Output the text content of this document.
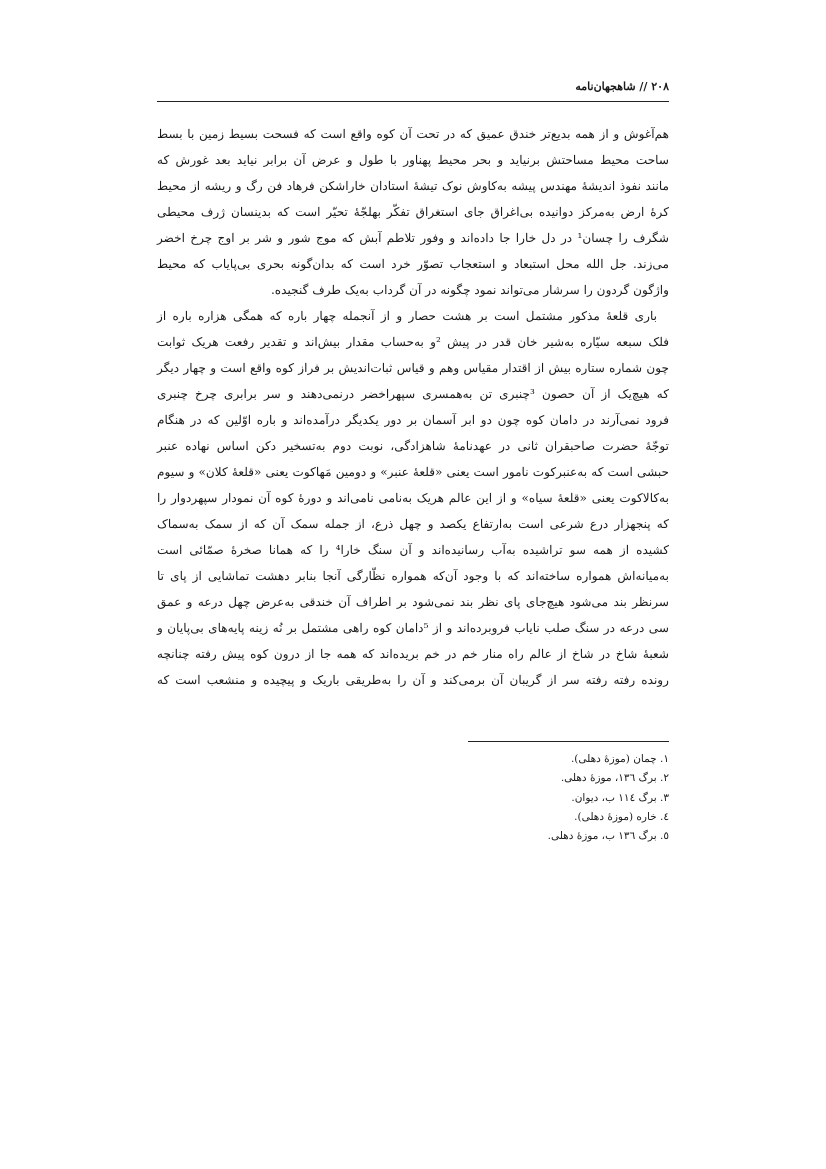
۲۰۸ // شاهجهان‌نامه
هم‌آغوش و از همه بدیع‌تر خندق عمیق که در تحت آن کوه واقع است که فسحت بسیط زمین با بسط
ساحت محیط مساحتش برنیاید و بحر محیط پهناور با طول و عرض آن برابر نیاید بعد غورش که
مانند نفوذ اندیشهٔ مهندس پیشه به‌کاوش نوک تیشهٔ استادان خاراشکن فرهاد فن رگ و ریشه از محیط
کرهٔ ارض به‌مرکز دوانیده بی‌اغراق جای استغراق تفکّر بهلجّهٔ تحیّر است که بدینسان ژرف محیطی
شگرف را چسان¹ در دل خارا جا داده‌اند و وفور تلاطم آبش که موج شور و شر بر اوج چرخ اخضر
می‌زند. جل الله محل استبعاد و استعجاب تصوّر خرد است که بدان‌گونه بحری بی‌پایاب که محیط
واژگون گردون را سرشار می‌تواند نمود چگونه در آن گرداب به‌یک طرف گنجیده.
باری قلعهٔ مذکور مشتمل است بر هشت حصار و از آنجمله چهار باره که همگی هزاره باره از
فلک سبعه سیّاره به‌شیر خان قدر در پیش ²و به‌حساب مقدار بیش‌اند و تقدیر رفعت هریک ثوابت
چون شماره ستاره بیش از اقتدار مقیاس وهم و قیاس ثبات‌اندیش بر فراز کوه واقع است و چهار دیگر
که هیچ‌یک از آن حصون ³چنبری تن به‌همسری سپهراخضر درنمی‌دهند و سر برابری چرخ چنبری
فرود نمی‌آرند در دامان کوه چون دو ابر آسمان بر دور یکدیگر درآمده‌اند و باره اوّلین که در هنگام
توجّهٔ حضرت صاحبقران ثانی در عهدنامهٔ شاهزادگی، نوبت دوم به‌تسخیر دکن اساس نهاده عنبر
حبشی است که به‌عنبرکوت نامور است یعنی «قلعهٔ عنبر» و دومین مَهاکوت یعنی «قلعهٔ کلان» و سیوم
به‌کالاکوت یعنی «قلعهٔ سیاه» و از این عالم هریک به‌نامی نامی‌اند و دورهٔ کوه آن نمودار سپهردوار را
که پنجهزار درع شرعی است به‌ارتفاع یکصد و چهل ذرع، از جمله سمک آن که از سمک به‌سماک
کشیده از همه سو تراشیده به‌آب رسانیده‌اند و آن سنگ خارا⁴ را که همانا صخرهٔ صمّائی است
به‌میانه‌اش همواره ساخته‌اند که با وجود آن‌که همواره نظّارگی آنجا بنابر دهشت تماشایی از پای تا
سرنظر بند می‌شود هیچ‌جای پای نظر بند نمی‌شود بر اطراف آن خندقی به‌عرض چهل درعه و عمق
سی درعه در سنگ صلب نایاب فروبرده‌اند و از ⁵دامان کوه راهی مشتمل بر نُه زینه پایه‌های بی‌پایان و
شعبهٔ شاخ در شاخ از عالم راه منار خم در خم بریده‌اند که همه جا از درون کوه پیش رفته چنانچه
رونده رفته رفته سر از گریبان آن برمی‌کند و آن را به‌طریقی باریک و پیچیده و منشعب است که
١. چمان (موزهٔ دهلی).
٢. برگ ١٣٦، موزهٔ دهلی.
٣. برگ ١١٤ ب، دیوان.
٤. خاره (موزهٔ دهلی).
٥. برگ ١٣٦ ب، موزهٔ دهلی.
